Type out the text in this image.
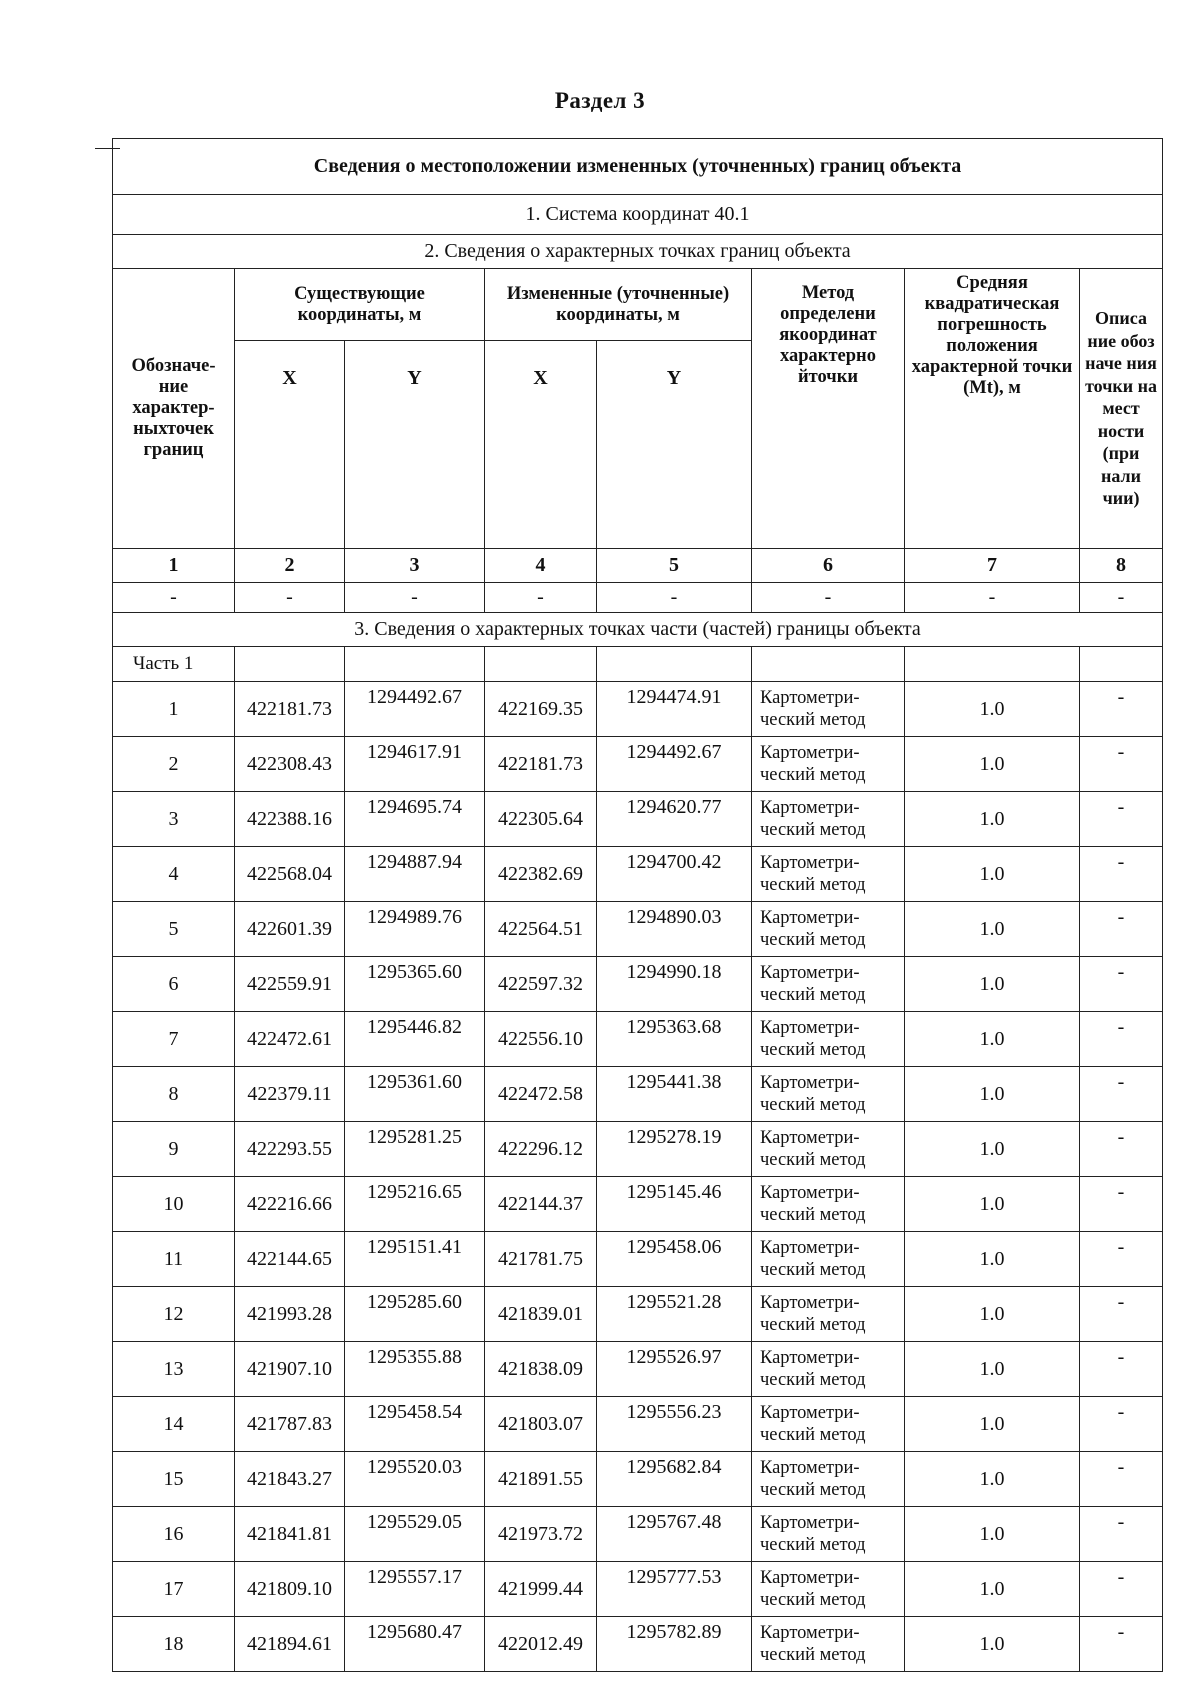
Раздел 3
Сведения о местоположении измененных (уточненных) границ объекта							
1. Система координат 40.1							
2. Сведения о характерных точках границ объекта							
Обозначе-ние характер-ныхточек границ	Существующие координаты, м		Измененные (уточненные) координаты, м		Метод определени якоординат характерно йточки	Средняя квадратическая погрешность положения характерной точки (Mt), м	Описа ние обоз наче ния точки на мест ности (при нали чии)
	X	Y	X	Y			
1	2	3	4	5	6	7	8
-	-	-	-	-	-	-	-
3. Сведения о характерных точках части (частей) границы объекта							
Часть 1							
1	422181.73	1294492.67	422169.35	1294474.91	Картометри-
ческий метод	1.0	-
2	422308.43	1294617.91	422181.73	1294492.67	Картометри-
ческий метод	1.0	-
3	422388.16	1294695.74	422305.64	1294620.77	Картометри-
ческий метод	1.0	-
4	422568.04	1294887.94	422382.69	1294700.42	Картометри-
ческий метод	1.0	-
5	422601.39	1294989.76	422564.51	1294890.03	Картометри-
ческий метод	1.0	-
6	422559.91	1295365.60	422597.32	1294990.18	Картометри-
ческий метод	1.0	-
7	422472.61	1295446.82	422556.10	1295363.68	Картометри-
ческий метод	1.0	-
8	422379.11	1295361.60	422472.58	1295441.38	Картометри-
ческий метод	1.0	-
9	422293.55	1295281.25	422296.12	1295278.19	Картометри-
ческий метод	1.0	-
10	422216.66	1295216.65	422144.37	1295145.46	Картометри-
ческий метод	1.0	-
11	422144.65	1295151.41	421781.75	1295458.06	Картометри-
ческий метод	1.0	-
12	421993.28	1295285.60	421839.01	1295521.28	Картометри-
ческий метод	1.0	-
13	421907.10	1295355.88	421838.09	1295526.97	Картометри-
ческий метод	1.0	-
14	421787.83	1295458.54	421803.07	1295556.23	Картометри-
ческий метод	1.0	-
15	421843.27	1295520.03	421891.55	1295682.84	Картометри-
ческий метод	1.0	-
16	421841.81	1295529.05	421973.72	1295767.48	Картометри-
ческий метод	1.0	-
17	421809.10	1295557.17	421999.44	1295777.53	Картометри-
ческий метод	1.0	-
18	421894.61	1295680.47	422012.49	1295782.89	Картометри-
ческий метод	1.0	-
